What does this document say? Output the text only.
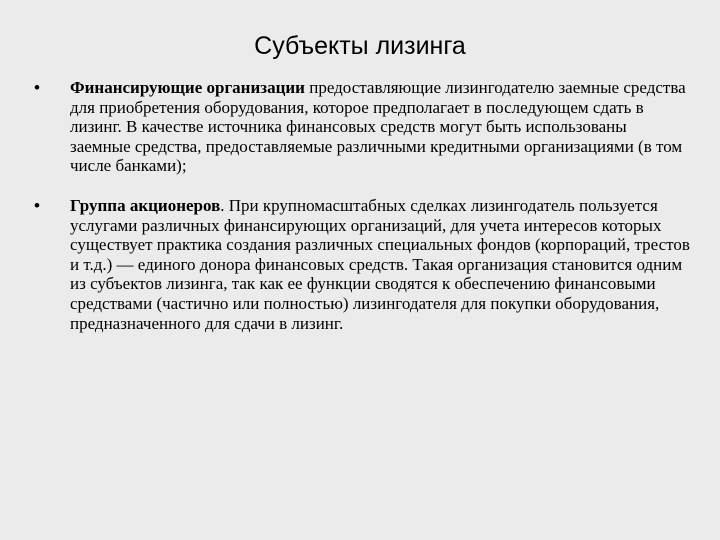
Субъекты лизинга
• Финансирующие организации предоставляющие лизингодателю заемные средства для приобретения оборудования, которое предполагает в последующем сдать в лизинг. В качестве источника финансовых средств могут быть использованы заемные средства, предоставляемые различными кредитными организациями (в том числе банками);
• Группа акционеров. При крупномасштабных сделках лизингодатель пользуется услугами различных финансирующих организаций, для учета интересов которых существует практика создания различных специальных фондов (корпораций, трестов и т.д.) — единого донора финансовых средств. Такая организация становится одним из субъектов лизинга, так как ее функции сводятся к обеспечению финансовыми средствами (частично или полностью) лизингодателя для покупки оборудования, предназначенного для сдачи в лизинг.
